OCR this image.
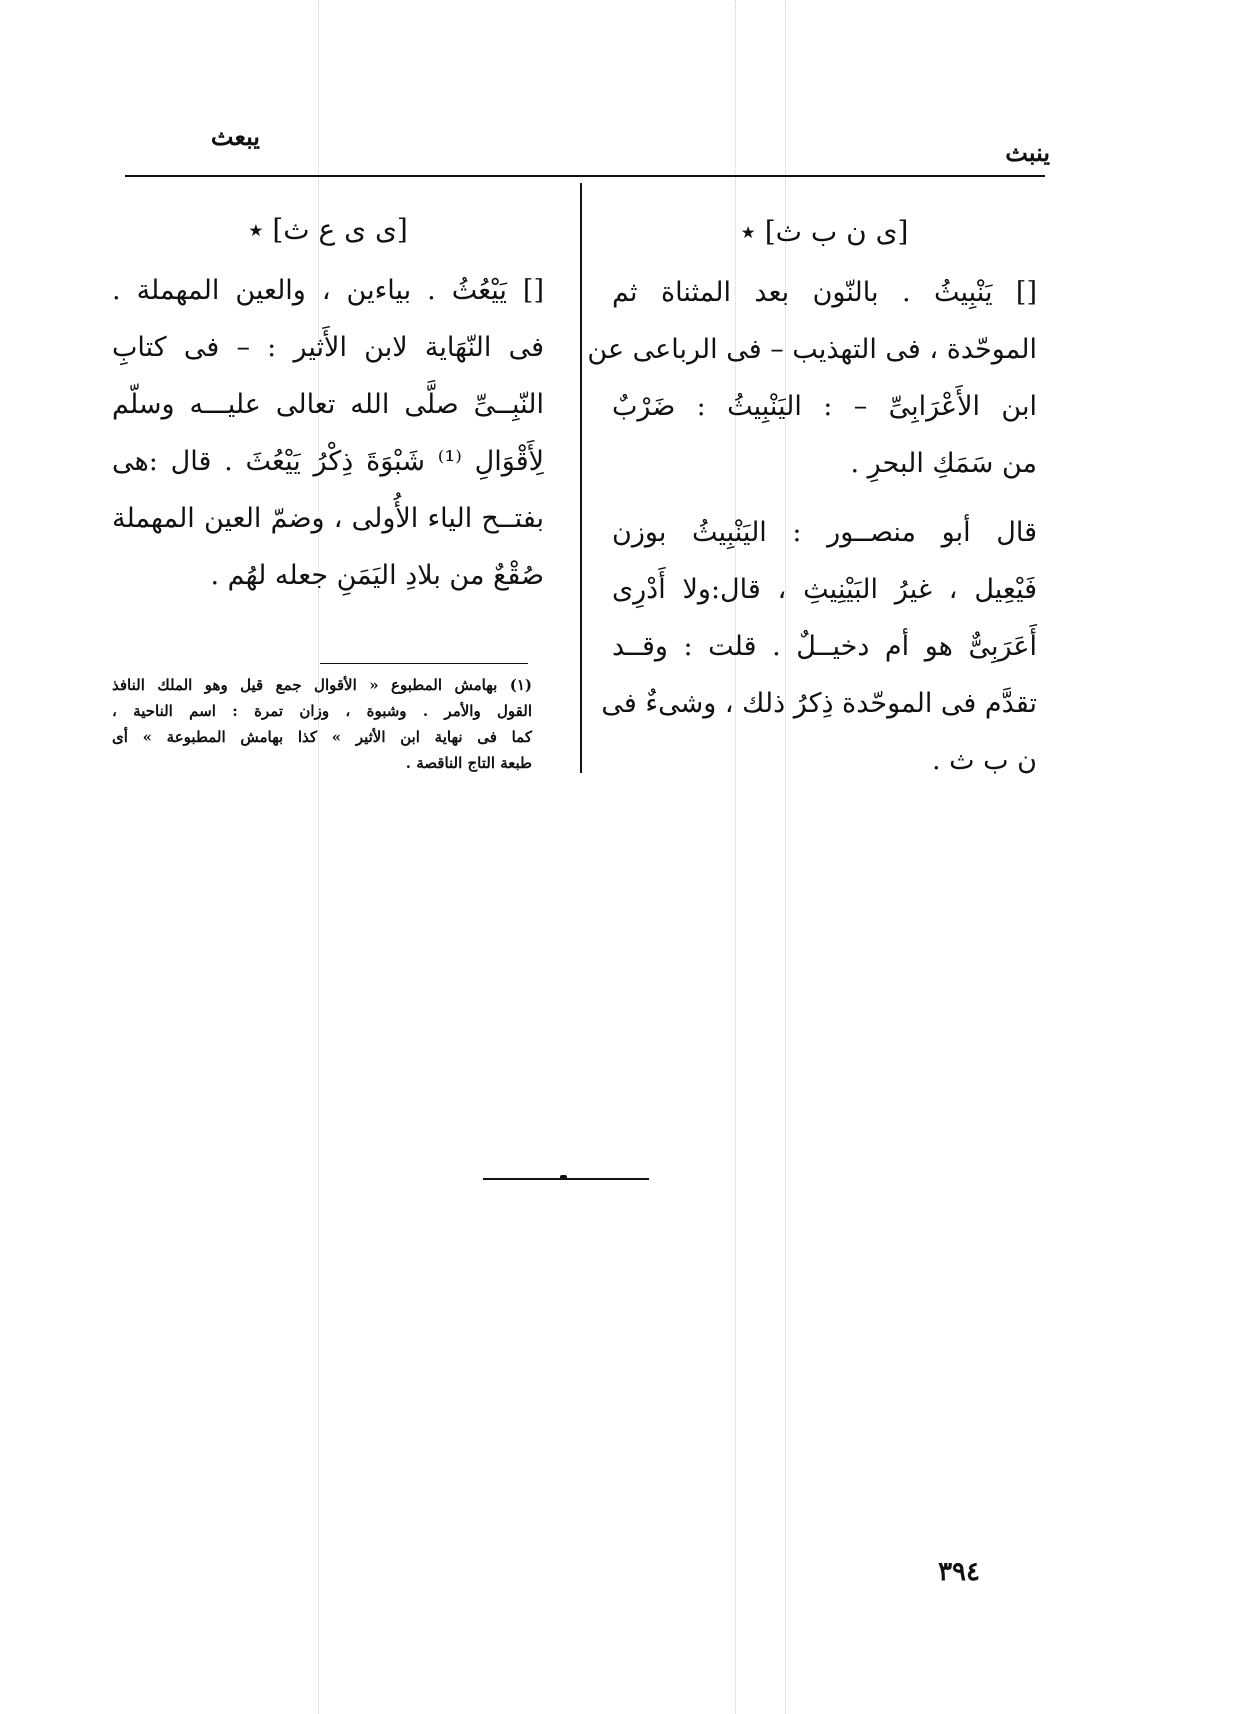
ينبث
يبعث
[ى ن ب ث] ٭
[] يَنْبِيثُ . بالنّون بعد المثناة ثم
الموحّدة ، فى التهذيب – فى الرباعى عن
ابن الأَعْرَابِىِّ – : اليَنْبِيثُ : ضَرْبٌ
من سَمَكِ البحرِ .
قال أبو منصــور : اليَنْبِيثُ بوزن
فَيْعِيل ، غيرُ البَيْنِيثِ ، قال:ولا أَدْرِى
أَعَرَبِىٌّ هو أم دخيــلٌ . قلت : وقــد
تقدَّم فى الموحّدة ذِكرُ ذلك ، وشىءٌ فى
ن ب ث .
[ى ى ع ث] ٭
[] يَيْعُثُ . بياءين ، والعين المهملة .
فى النّهَاية لابن الأَثير : – فى كتابِ
النّبِــىِّ صلَّى الله تعالى عليـــه وسلّم
لِأَقْوَالِ ⁽¹⁾ شَبْوَةَ ذِكْرُ يَيْعُثَ . قال :هى
بفتــح الياء الأُولى ، وضمّ العين المهملة
صُقْعٌ من بلادِ اليَمَنِ جعله لهُم .
(١) بهامش المطبوع « الأقوال جمع قيل وهو الملك النافذ
القول والأمر . وشبوة ، وزان تمرة : اسم الناحية ،
كما فى نهاية ابن الأثير » كذا بهامش المطبوعة » أى
طبعة التاج الناقصة .
٣٩٤
